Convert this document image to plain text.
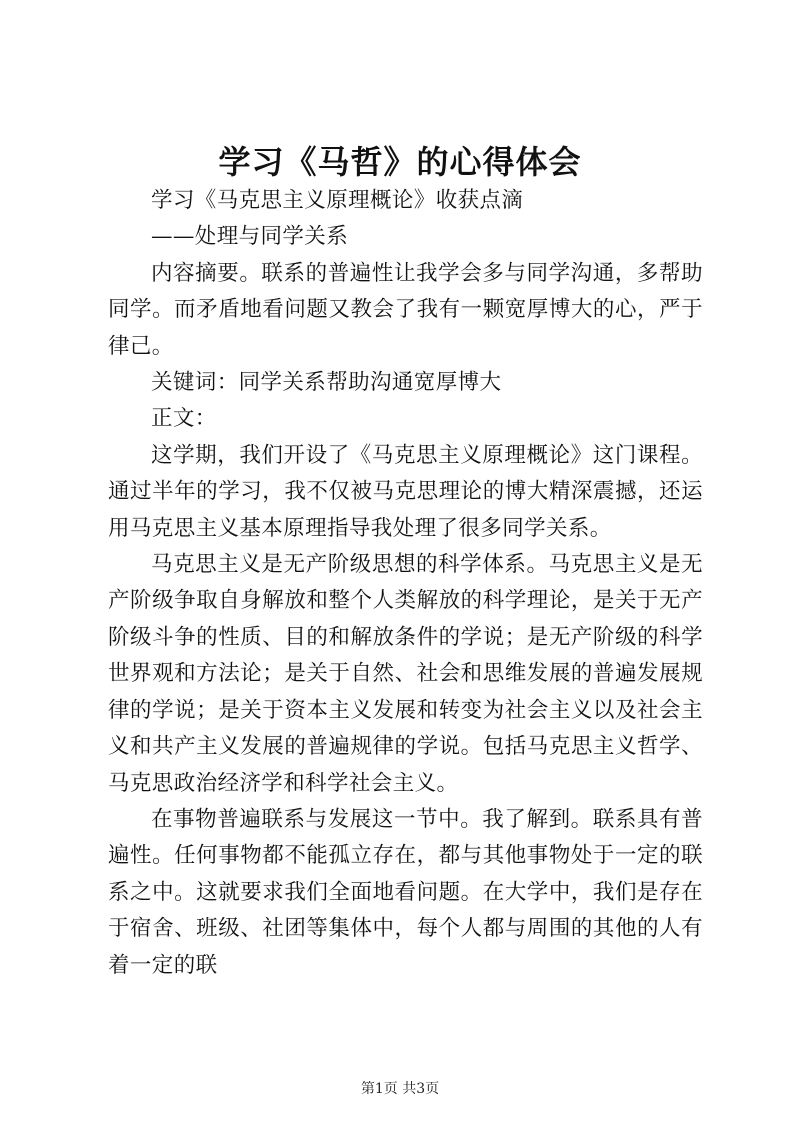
学习《马哲》的心得体会

学习《马克思主义原理概论》收获点滴

——处理与同学关系

内容摘要。联系的普遍性让我学会多与同学沟通，多帮助同学。而矛盾地看问题又教会了我有一颗宽厚博大的心，严于律己。

关键词：同学关系帮助沟通宽厚博大

正文：

这学期，我们开设了《马克思主义原理概论》这门课程。通过半年的学习，我不仅被马克思理论的博大精深震撼，还运用马克思主义基本原理指导我处理了很多同学关系。

马克思主义是无产阶级思想的科学体系。马克思主义是无产阶级争取自身解放和整个人类解放的科学理论，是关于无产阶级斗争的性质、目的和解放条件的学说；是无产阶级的科学世界观和方法论；是关于自然、社会和思维发展的普遍发展规律的学说；是关于资本主义发展和转变为社会主义以及社会主义和共产主义发展的普遍规律的学说。包括马克思主义哲学、马克思政治经济学和科学社会主义。

在事物普遍联系与发展这一节中。我了解到。联系具有普遍性。任何事物都不能孤立存在，都与其他事物处于一定的联系之中。这就要求我们全面地看问题。在大学中，我们是存在于宿舍、班级、社团等集体中，每个人都与周围的其他的人有着一定的联

第1页 共3页
